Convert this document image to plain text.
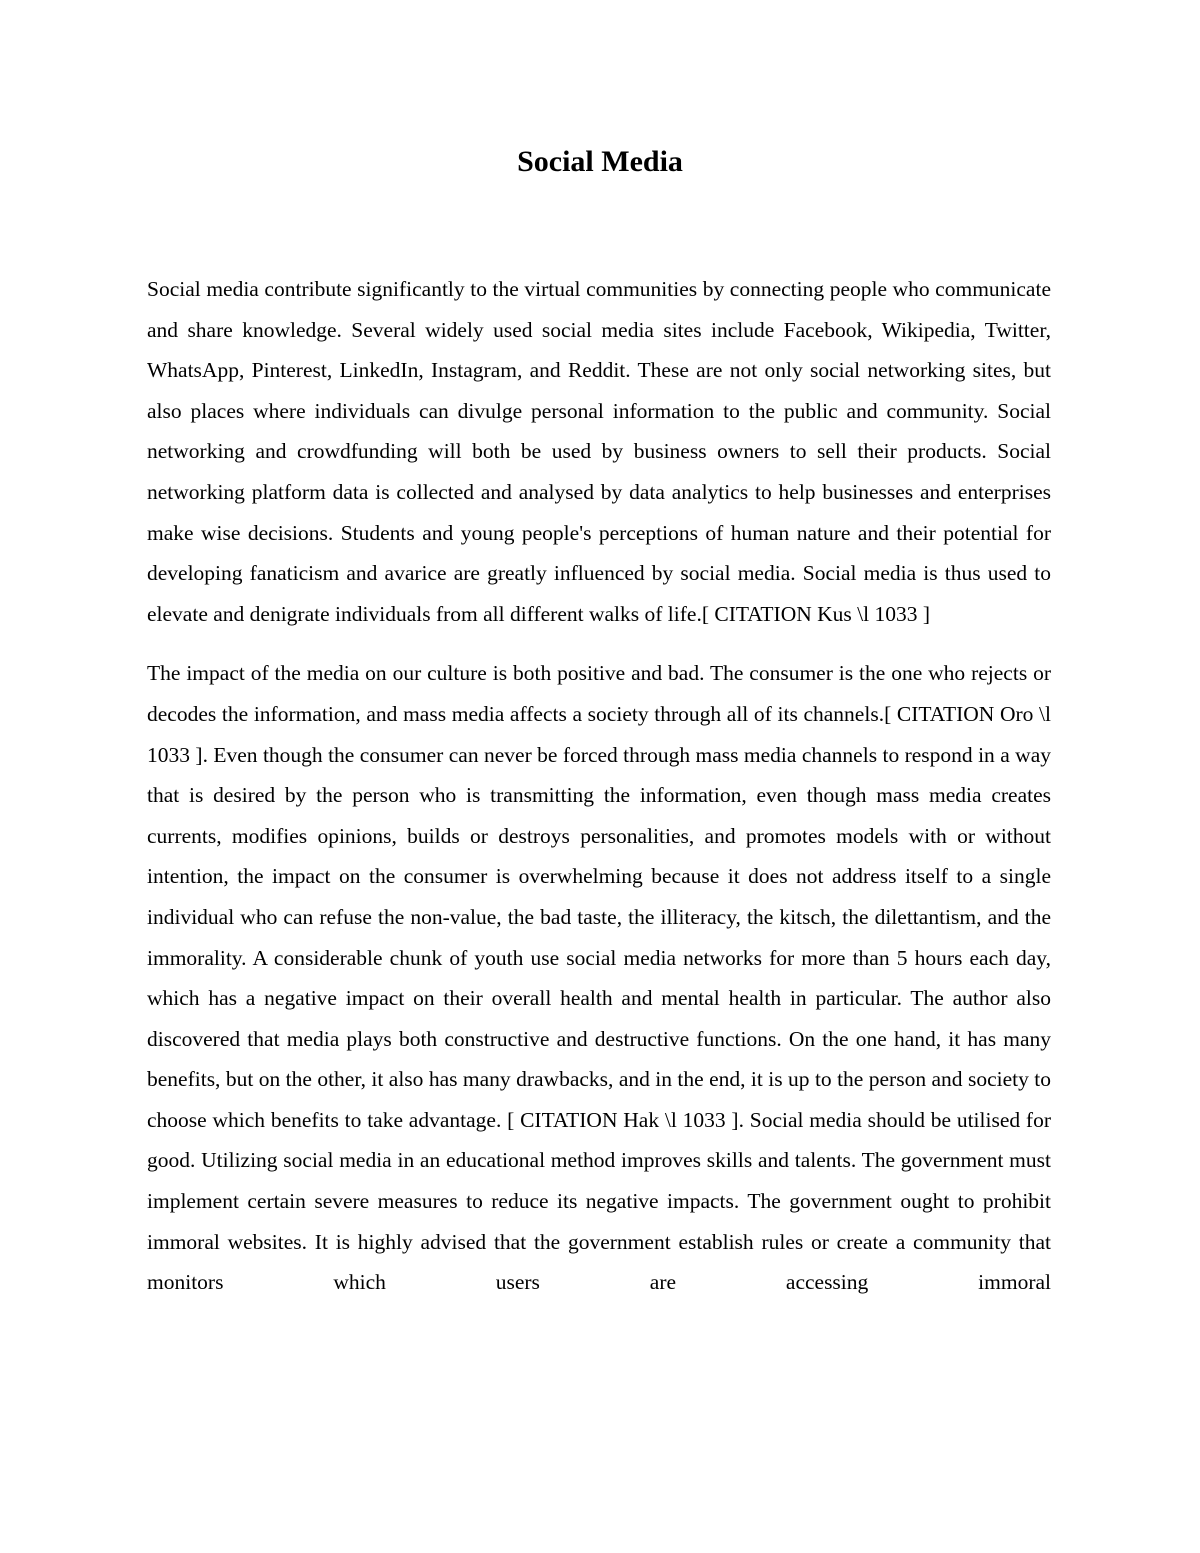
Social Media

Social media contribute significantly to the virtual communities by connecting people who communicate and share knowledge. Several widely used social media sites include Facebook, Wikipedia, Twitter, WhatsApp, Pinterest, LinkedIn, Instagram, and Reddit. These are not only social networking sites, but also places where individuals can divulge personal information to the public and community. Social networking and crowdfunding will both be used by business owners to sell their products. Social networking platform data is collected and analysed by data analytics to help businesses and enterprises make wise decisions. Students and young people's perceptions of human nature and their potential for developing fanaticism and avarice are greatly influenced by social media. Social media is thus used to elevate and denigrate individuals from all different walks of life.[ CITATION Kus \l 1033 ]

The impact of the media on our culture is both positive and bad. The consumer is the one who rejects or decodes the information, and mass media affects a society through all of its channels.[ CITATION Oro \l 1033 ]. Even though the consumer can never be forced through mass media channels to respond in a way that is desired by the person who is transmitting the information, even though mass media creates currents, modifies opinions, builds or destroys personalities, and promotes models with or without intention, the impact on the consumer is overwhelming because it does not address itself to a single individual who can refuse the non-value, the bad taste, the illiteracy, the kitsch, the dilettantism, and the immorality. A considerable chunk of youth use social media networks for more than 5 hours each day, which has a negative impact on their overall health and mental health in particular. The author also discovered that media plays both constructive and destructive functions. On the one hand, it has many benefits, but on the other, it also has many drawbacks, and in the end, it is up to the person and society to choose which benefits to take advantage. [ CITATION Hak \l 1033 ]. Social media should be utilised for good. Utilizing social media in an educational method improves skills and talents. The government must implement certain severe measures to reduce its negative impacts. The government ought to prohibit immoral websites. It is highly advised that the government establish rules or create a community that monitors which users are accessing immoral
